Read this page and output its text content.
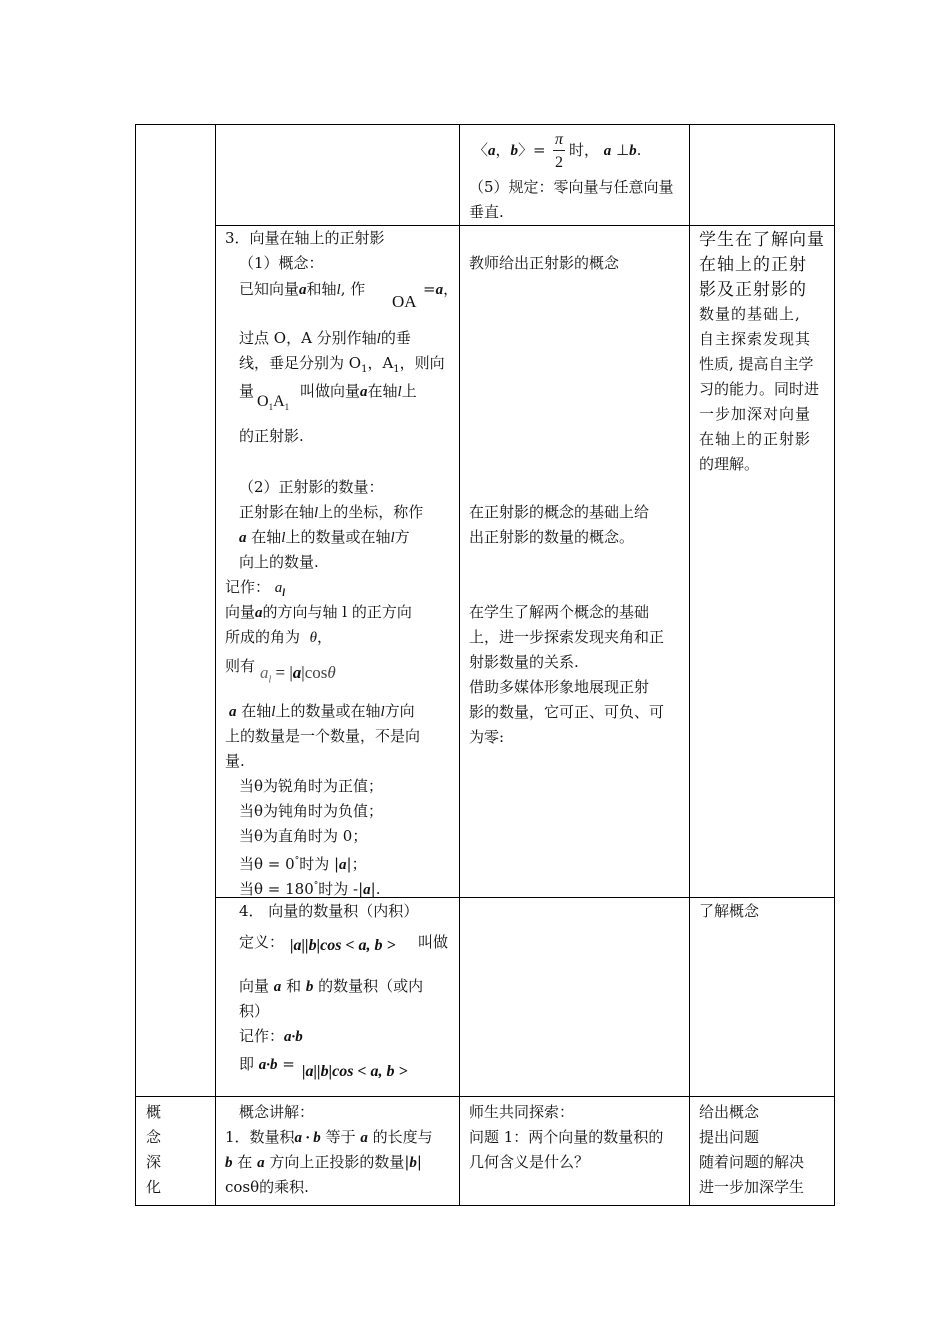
〈a，b〉=
π
2
时， a ⊥b.
（5）规定：零向量与任意向量
垂直.
3．向量在轴上的正射影
（1）概念：
已知向量a和轴l, 作
OA
=a，
过点 O，A 分别作轴l的垂
线，垂足分别为 $O_1$，$A_1$，则向
量
$O_1A_1$
叫做向量a在轴l上
的正射影.
（2）正射影的数量：
正射影在轴l上的坐标，称作
a 在轴l上的数量或在轴l方
向上的数量.
记作： $a_l$
向量a的方向与轴 l 的正方向
所成的角为 θ，
则有 $a_l = |a|\cos\theta$
a 在轴l上的数量或在轴l方向
上的数量是一个数量，不是向
量.
当θ为锐角时为正值；
当θ为钝角时为负值；
当θ为直角时为 0；
当θ = 0°时为 |a|；
当θ = 180°时为 -|a|.
教师给出正射影的概念
在正射影的概念的基础上给
出正射影的数量的概念。
在学生了解两个概念的基础
上，进一步探索发现夹角和正
射影数量的关系.
借助多媒体形象地展现正射
影的数量，它可正、可负、可
为零:
学生在了解向量
在轴上的正射
影及正射影的
数量的基础上,
自主探索发现其
性质, 提高自主学
习的能力。同时进
一步加深对向量
在轴上的正射影
的理解。
4． 向量的数量积（内积）
定义： |a||b|cos < a, b > 叫做
向量 a 和 b 的数量积（或内
积）
记作：a·b
即 a·b = |a||b|cos < a, b >
了解概念
概
念
深
化
概念讲解：
1．数量积a · b 等于 a 的长度与
b 在 a 方向上正投影的数量|b|
cosθ的乘积.
师生共同探索：
问题 1：两个向量的数量积的
几何含义是什么？
给出概念
提出问题
随着问题的解决
进一步加深学生
